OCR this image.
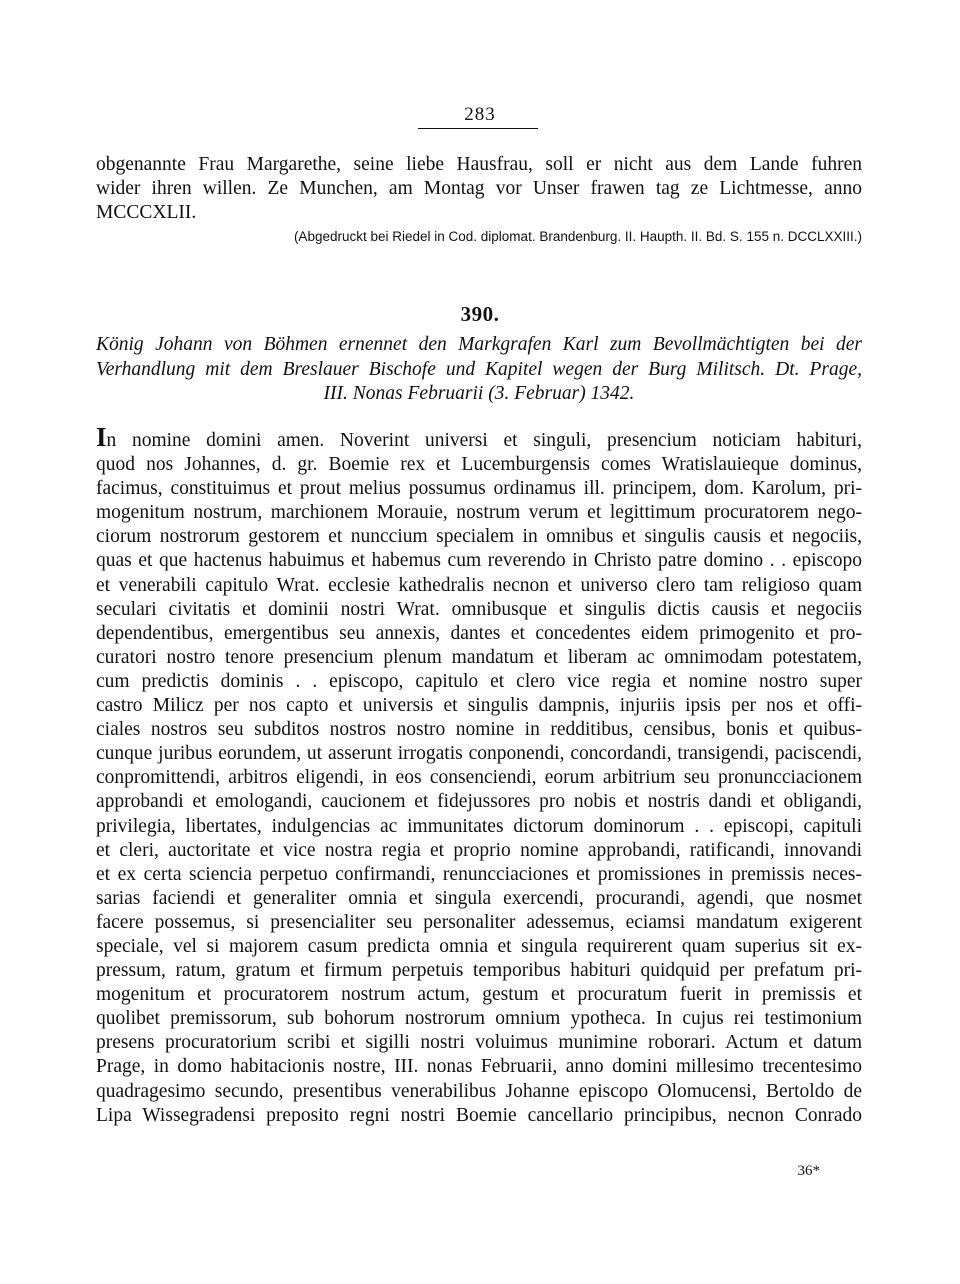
283
obgenannte Frau Margarethe, seine liebe Hausfrau, soll er nicht aus dem Lande fuhren
wider ihren willen. Ze Munchen, am Montag vor Unser frawen tag ze Lichtmesse, anno
MCCCXLII.
(Abgedruckt bei Riedel in Cod. diplomat. Brandenburg. II. Haupth. II. Bd. S. 155 n. DCCLXXIII.)
390.
König Johann von Böhmen ernennet den Markgrafen Karl zum Bevollmächtigten bei der
Verhandlung mit dem Breslauer Bischofe und Kapitel wegen der Burg Militsch. Dt. Prage,
III. Nonas Februarii (3. Februar) 1342.
In nomine domini amen. Noverint universi et singuli, presencium noticiam habituri,
quod nos Johannes, d. gr. Boemie rex et Lucemburgensis comes Wratislauieque dominus,
facimus, constituimus et prout melius possumus ordinamus ill. principem, dom. Karolum, pri-
mogenitum nostrum, marchionem Morauie, nostrum verum et legittimum procuratorem nego-
ciorum nostrorum gestorem et nunccium specialem in omnibus et singulis causis et negociis,
quas et que hactenus habuimus et habemus cum reverendo in Christo patre domino . . episcopo
et venerabili capitulo Wrat. ecclesie kathedralis necnon et universo clero tam religioso quam
seculari civitatis et dominii nostri Wrat. omnibusque et singulis dictis causis et negociis
dependentibus, emergentibus seu annexis, dantes et concedentes eidem primogenito et pro-
curatori nostro tenore presencium plenum mandatum et liberam ac omnimodam potestatem,
cum predictis dominis . . episcopo, capitulo et clero vice regia et nomine nostro super
castro Milicz per nos capto et universis et singulis dampnis, injuriis ipsis per nos et offi-
ciales nostros seu subditos nostros nostro nomine in redditibus, censibus, bonis et quibus-
cunque juribus eorundem, ut asserunt irrogatis conponendi, concordandi, transigendi, paciscendi,
conpromittendi, arbitros eligendi, in eos consenciendi, eorum arbitrium seu pronuncciacionem
approbandi et emologandi, caucionem et fidejussores pro nobis et nostris dandi et obligandi,
privilegia, libertates, indulgencias ac immunitates dictorum dominorum . . episcopi, capituli
et cleri, auctoritate et vice nostra regia et proprio nomine approbandi, ratificandi, innovandi
et ex certa sciencia perpetuo confirmandi, renuncciaciones et promissiones in premissis neces-
sarias faciendi et generaliter omnia et singula exercendi, procurandi, agendi, que nosmet
facere possemus, si presencialiter seu personaliter adessemus, eciamsi mandatum exigerent
speciale, vel si majorem casum predicta omnia et singula requirerent quam superius sit ex-
pressum, ratum, gratum et firmum perpetuis temporibus habituri quidquid per prefatum pri-
mogenitum et procuratorem nostrum actum, gestum et procuratum fuerit in premissis et
quolibet premissorum, sub bohorum nostrorum omnium ypotheca. In cujus rei testimonium
presens procuratorium scribi et sigilli nostri voluimus munimine roborari. Actum et datum
Prage, in domo habitacionis nostre, III. nonas Februarii, anno domini millesimo trecentesimo
quadragesimo secundo, presentibus venerabilibus Johanne episcopo Olomucensi, Bertoldo de
Lipa Wissegradensi preposito regni nostri Boemie cancellario principibus, necnon Conrado
36*
